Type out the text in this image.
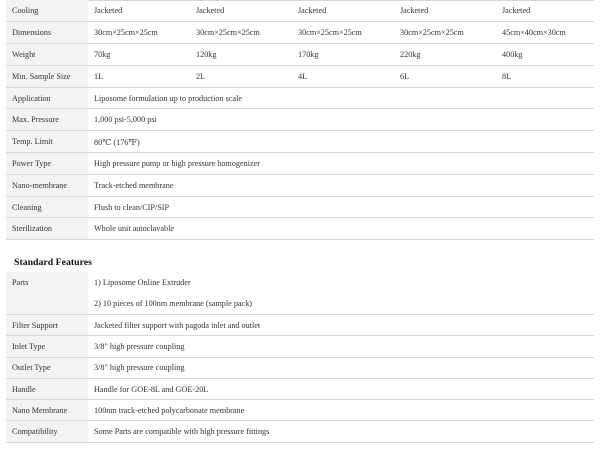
Cooling	Jacketed	Jacketed	Jacketed	Jacketed	Jacketed
Dimensions	30cm×25cm×25cm	30cm×25cm×25cm	30cm×25cm×25cm	30cm×25cm×25cm	45cm×40cm×30cm
Weight	70kg	120kg	170kg	220kg	400kg
Min. Sample Size	1L	2L	4L	6L	8L
Application	Liposome formulation up to production scale				
Max. Pressure	1,000 psi-5,000 psi				
Temp. Limit	80℃ (176℉)				
Power Type	High pressure pump or high pressure homogenizer				
Nano-membrane	Track-etched membrane				
Cleaning	Flush to clean/CIP/SIP				
Sterilization	Whole unit autoclavable				
Standard Features
Parts	1) Liposome Online Extruder
2) 10 pieces of 100nm membrane (sample pack)

Filter Support	Jacketed filter support with pagoda inlet and outlet
Inlet Type	3/8" high pressure coupling
Outlet Type	3/8" high pressure coupling
Handle	Handle for GOE-8L and GOE-20L
Nano Membrane	100nm track-etched polycarbonate membrane
Compatibility	Some Parts are compatible with high pressure fittings
